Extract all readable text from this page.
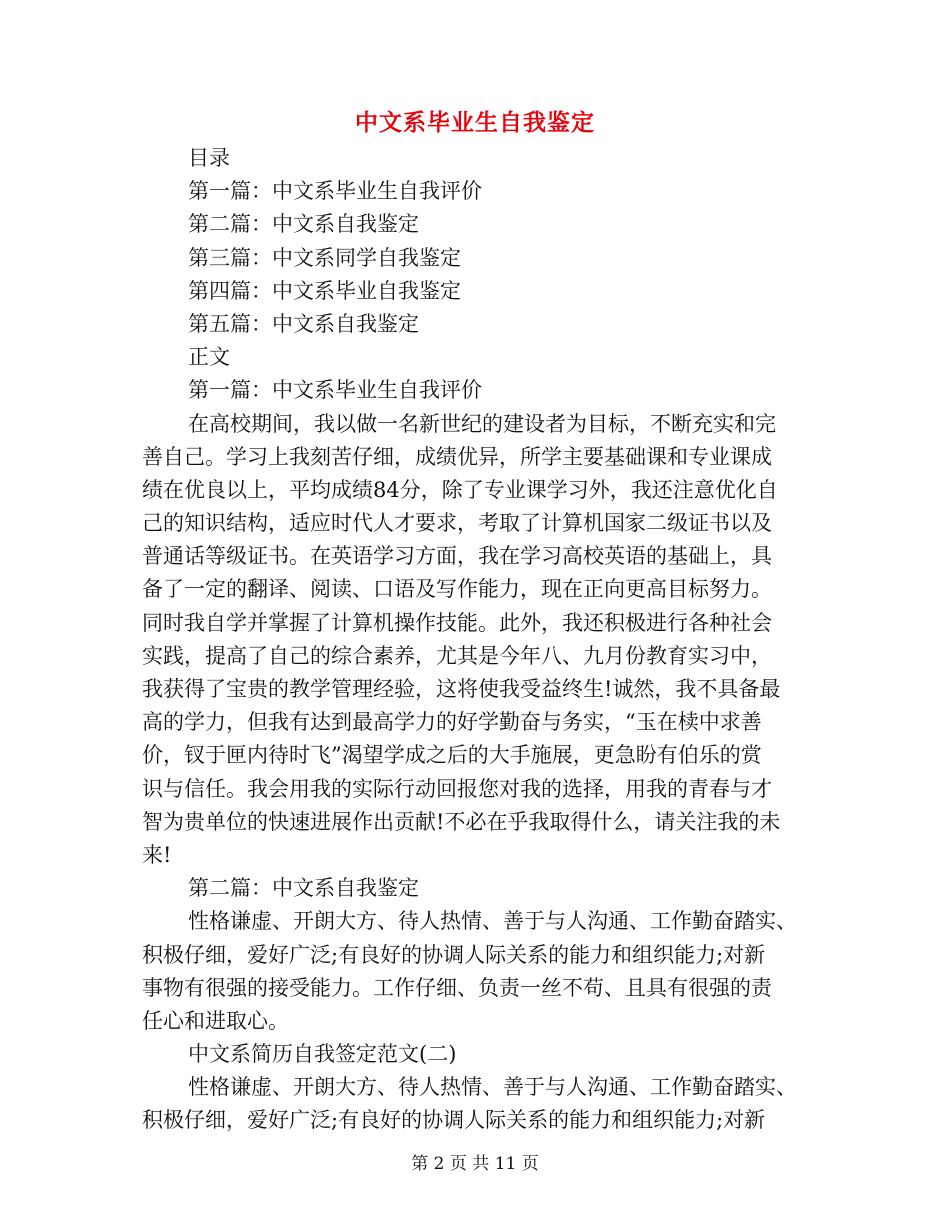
中文系毕业生自我鉴定
目录
第一篇：中文系毕业生自我评价
第二篇：中文系自我鉴定
第三篇：中文系同学自我鉴定
第四篇：中文系毕业自我鉴定
第五篇：中文系自我鉴定
正文
第一篇：中文系毕业生自我评价
在高校期间，我以做一名新世纪的建设者为目标，不断充实和完
善自己。学习上我刻苦仔细，成绩优异，所学主要基础课和专业课成
绩在优良以上，平均成绩84分，除了专业课学习外，我还注意优化自
己的知识结构，适应时代人才要求，考取了计算机国家二级证书以及
普通话等级证书。在英语学习方面，我在学习高校英语的基础上，具
备了一定的翻译、阅读、口语及写作能力，现在正向更高目标努力。
同时我自学并掌握了计算机操作技能。此外，我还积极进行各种社会
实践，提高了自己的综合素养，尤其是今年八、九月份教育实习中，
我获得了宝贵的教学管理经验，这将使我受益终生!诚然，我不具备最
高的学力，但我有达到最高学力的好学勤奋与务实，“玉在椟中求善
价，钗于匣内待时飞”渴望学成之后的大手施展，更急盼有伯乐的赏
识与信任。我会用我的实际行动回报您对我的选择，用我的青春与才
智为贵单位的快速进展作出贡献!不必在乎我取得什么，请关注我的未
来!
第二篇：中文系自我鉴定
性格谦虚、开朗大方、待人热情、善于与人沟通、工作勤奋踏实、
积极仔细，爱好广泛;有良好的协调人际关系的能力和组织能力;对新
事物有很强的接受能力。工作仔细、负责一丝不苟、且具有很强的责
任心和进取心。
中文系简历自我签定范文(二)
性格谦虚、开朗大方、待人热情、善于与人沟通、工作勤奋踏实、
积极仔细，爱好广泛;有良好的协调人际关系的能力和组织能力;对新
第 2 页 共 11 页
